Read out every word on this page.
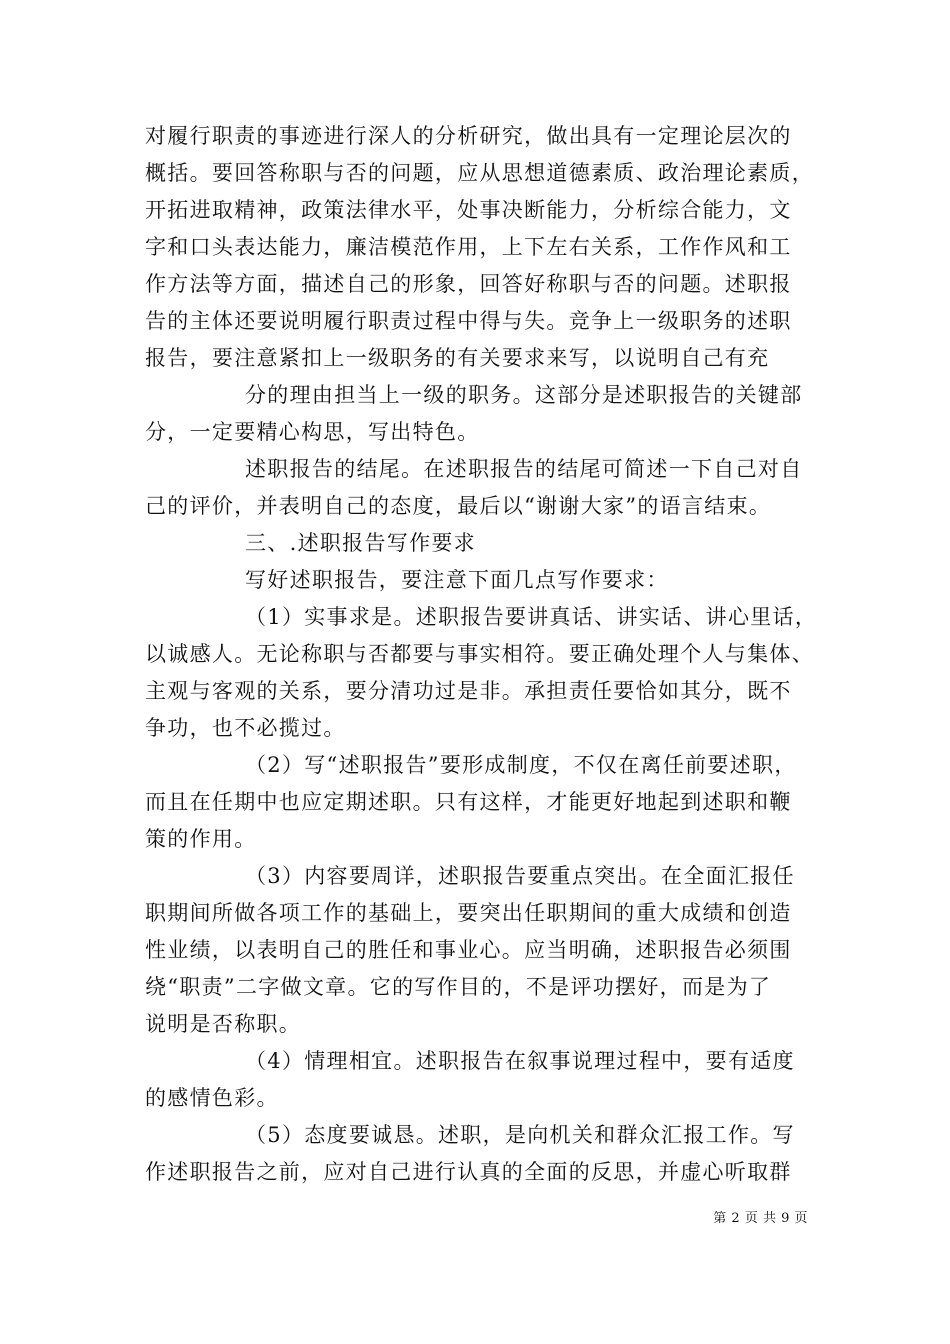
对履行职责的事迹进行深人的分析研究，做出具有一定理论层次的
概括。要回答称职与否的问题，应从思想道德素质、政治理论素质，
开拓进取精神，政策法律水平，处事决断能力，分析综合能力，文
字和口头表达能力，廉洁模范作用，上下左右关系，工作作风和工
作方法等方面，描述自己的形象，回答好称职与否的问题。述职报
告的主体还要说明履行职责过程中得与失。竞争上一级职务的述职
报告，要注意紧扣上一级职务的有关要求来写，以说明自己有充
分的理由担当上一级的职务。这部分是述职报告的关键部
分，一定要精心构思，写出特色。
述职报告的结尾。在述职报告的结尾可简述一下自己对自
己的评价，并表明自己的态度，最后以“谢谢大家”的语言结束。
三、.述职报告写作要求
写好述职报告，要注意下面几点写作要求：
（1）实事求是。述职报告要讲真话、讲实话、讲心里话，
以诚感人。无论称职与否都要与事实相符。要正确处理个人与集体、
主观与客观的关系，要分清功过是非。承担责任要恰如其分，既不
争功，也不必揽过。
（2）写“述职报告”要形成制度，不仅在离任前要述职，
而且在任期中也应定期述职。只有这样，才能更好地起到述职和鞭
策的作用。
（3）内容要周详，述职报告要重点突出。在全面汇报任
职期间所做各项工作的基础上，要突出任职期间的重大成绩和创造
性业绩，以表明自己的胜任和事业心。应当明确，述职报告必须围
绕“职责”二字做文章。它的写作目的，不是评功摆好，而是为了
说明是否称职。
（4）情理相宜。述职报告在叙事说理过程中，要有适度
的感情色彩。
（5）态度要诚恳。述职，是向机关和群众汇报工作。写
作述职报告之前，应对自己进行认真的全面的反思，并虚心听取群
第 2 页 共 9 页
